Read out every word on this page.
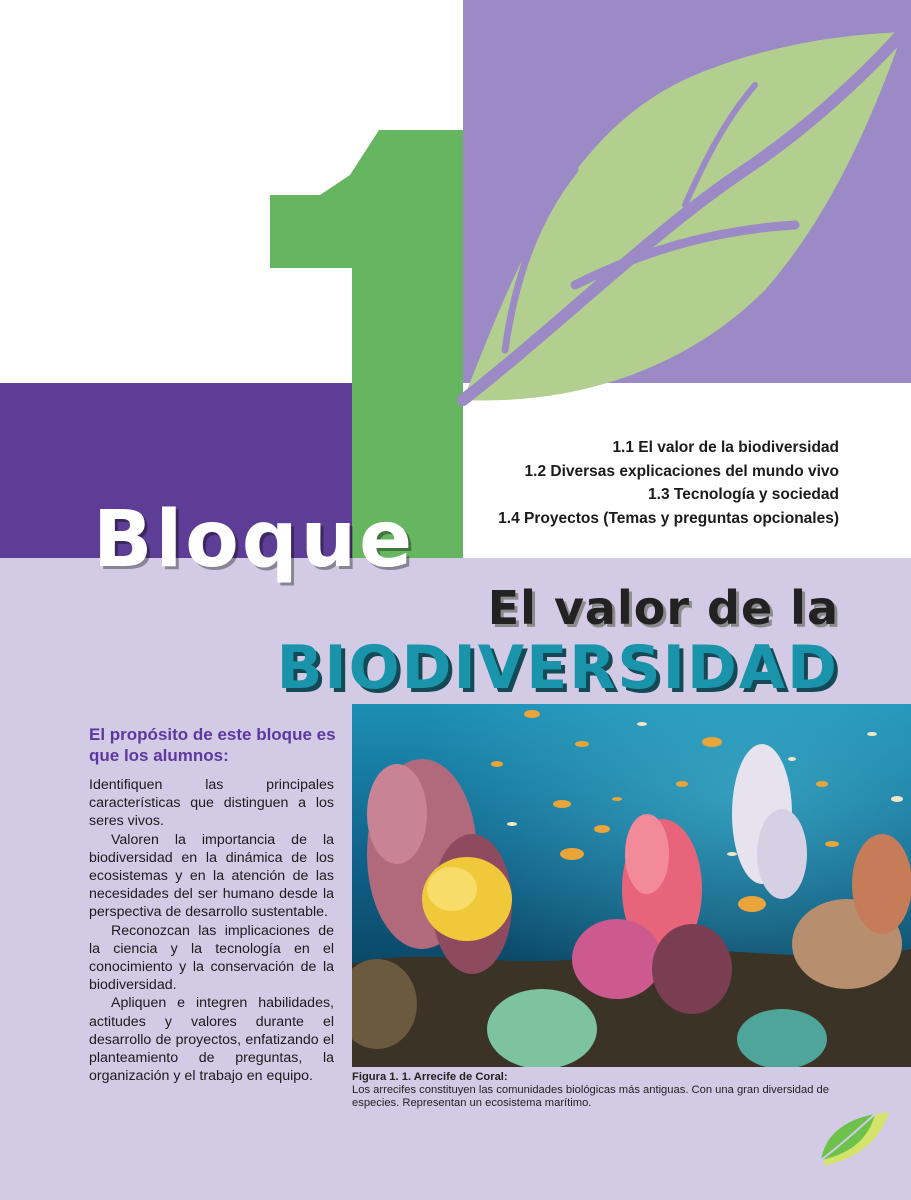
1.1 El valor de la biodiversidad
1.2 Diversas explicaciones del mundo vivo
1.3 Tecnología y sociedad
1.4 Proyectos (Temas y preguntas opcionales)
Bloque
El valor de la
BIODIVERSIDAD
El propósito de este bloque es que los alumnos:

Identifiquen las principales características que distinguen a los seres vivos.

Valoren la importancia de la biodiversidad en la dinámica de los ecosistemas y en la atención de las necesidades del ser humano desde la perspectiva de desarrollo sustentable.

Reconozcan las implicaciones de la ciencia y la tecnología en el conocimiento y la conservación de la biodiversidad.

Apliquen e integren habilidades, actitudes y valores durante el desarrollo de proyectos, enfatizando el planteamiento de preguntas, la organización y el trabajo en equipo.	Figura 1. 1. Arrecife de Coral:
Los arrecifes constituyen las comunidades biológicas más antiguas. Con una gran diversidad de especies. Representan un ecosistema marítimo.
